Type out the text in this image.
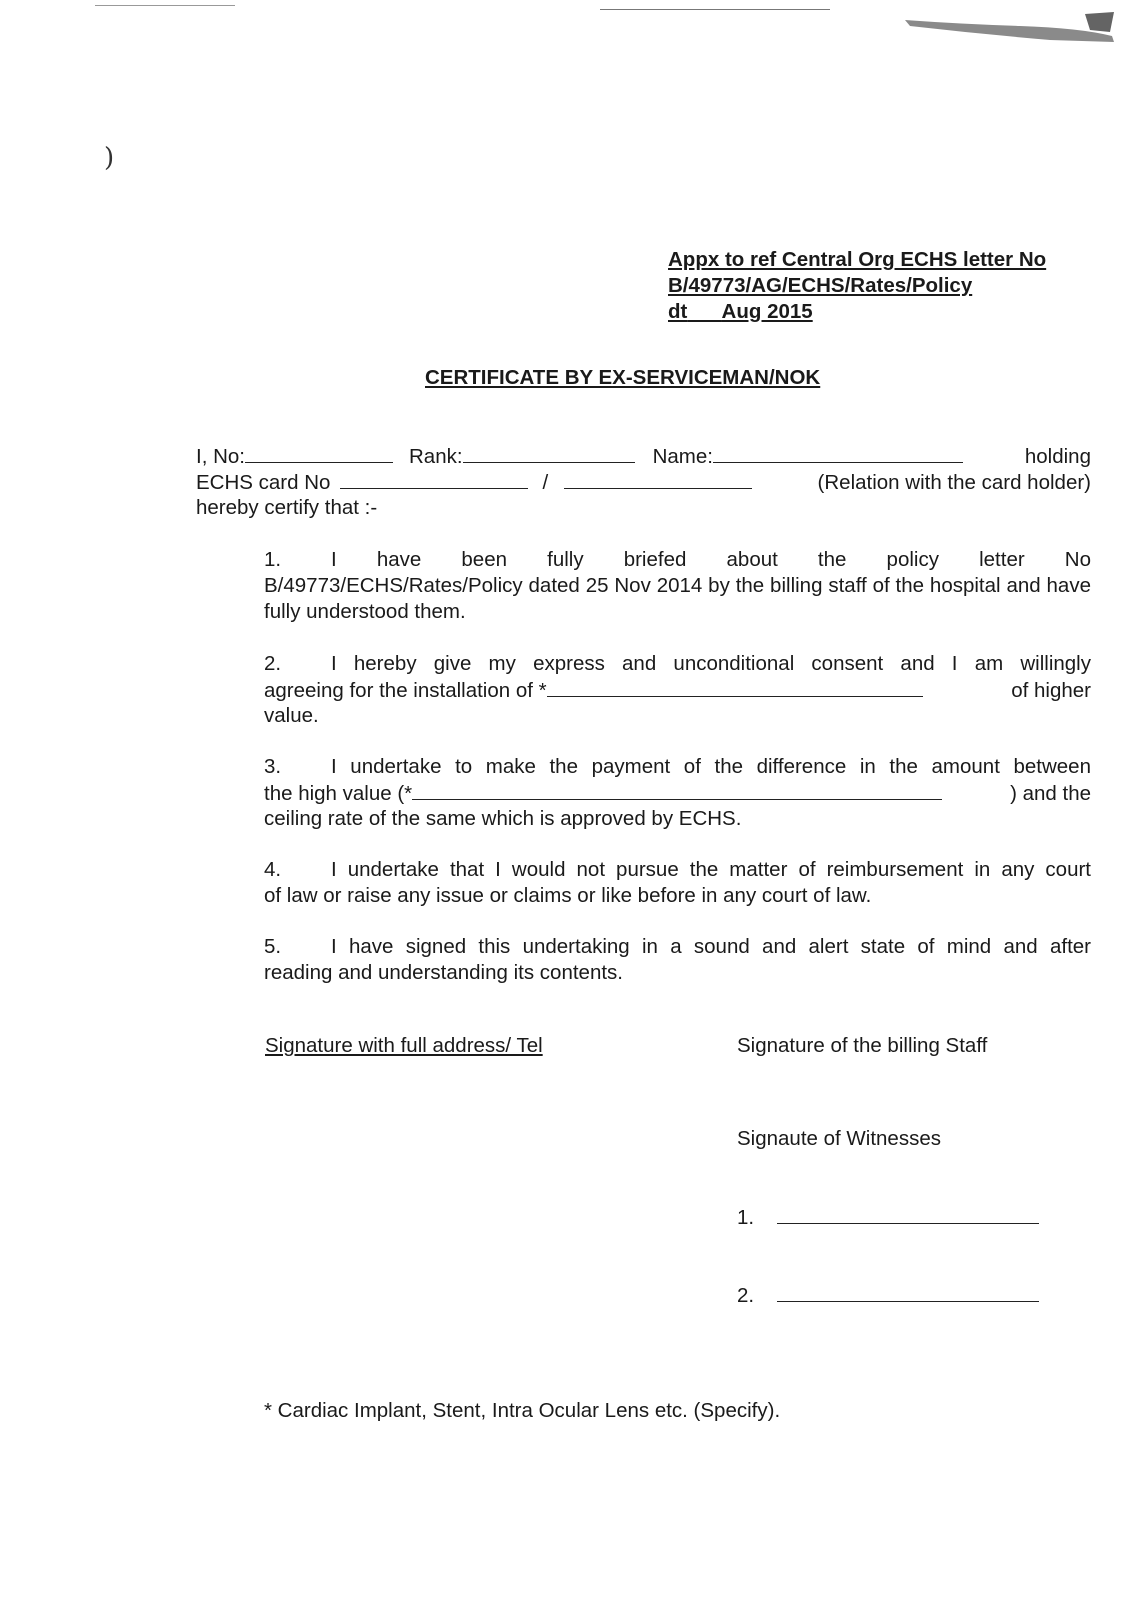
)
Appx to ref Central Org ECHS letter No
B/49773/AG/ECHS/Rates/Policy
dt Aug 2015
CERTIFICATE BY EX-SERVICEMAN/NOK
I, No:	Rank:	Name:	holding
ECHS card No	/	(Relation with the card holder)
hereby certify that :-
1. I have been fully briefed about the policy letter No
B/49773/ECHS/Rates/Policy dated 25 Nov 2014 by the billing staff of the hospital and have fully understood them.
2. I hereby give my express and unconditional consent and I am willingly
agreeing for the installation of *	of higher
value.
3. I undertake to make the payment of the difference in the amount between
the high value (*	) and the
ceiling rate of the same which is approved by ECHS.
4. I undertake that I would not pursue the matter of reimbursement in any court
of law or raise any issue or claims or like before in any court of law.
5. I have signed this undertaking in a sound and alert state of mind and after
reading and understanding its contents.
Signature with full address/ Tel	Signature of the billing Staff
Signaute of Witnesses
1.
2.
* Cardiac Implant, Stent, Intra Ocular Lens etc. (Specify).
